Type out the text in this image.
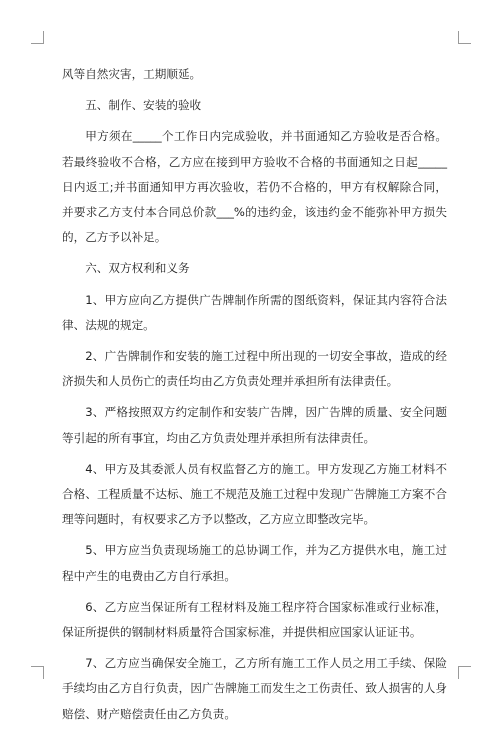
风等自然灾害，工期顺延。

五、制作、安装的验收

甲方须在_____个工作日内完成验收，并书面通知乙方验收是否合格。若最终验收不合格，乙方应在接到甲方验收不合格的书面通知之日起_____日内返工;并书面通知甲方再次验收，若仍不合格的，甲方有权解除合同，并要求乙方支付本合同总价款___%的违约金，该违约金不能弥补甲方损失的，乙方予以补足。

六、双方权利和义务

1、甲方应向乙方提供广告牌制作所需的图纸资料，保证其内容符合法律、法规的规定。

2、广告牌制作和安装的施工过程中所出现的一切安全事故，造成的经济损失和人员伤亡的责任均由乙方负责处理并承担所有法律责任。

3、严格按照双方约定制作和安装广告牌，因广告牌的质量、安全问题等引起的所有事宜，均由乙方负责处理并承担所有法律责任。

4、甲方及其委派人员有权监督乙方的施工。甲方发现乙方施工材料不合格、工程质量不达标、施工不规范及施工过程中发现广告牌施工方案不合理等问题时，有权要求乙方予以整改，乙方应立即整改完毕。

5、甲方应当负责现场施工的总协调工作，并为乙方提供水电，施工过程中产生的电费由乙方自行承担。

6、乙方应当保证所有工程材料及施工程序符合国家标准或行业标准，保证所提供的钢制材料质量符合国家标准，并提供相应国家认证证书。

7、乙方应当确保安全施工，乙方所有施工工作人员之用工手续、保险手续均由乙方自行负责，因广告牌施工而发生之工伤责任、致人损害的人身赔偿、财产赔偿责任由乙方负责。
